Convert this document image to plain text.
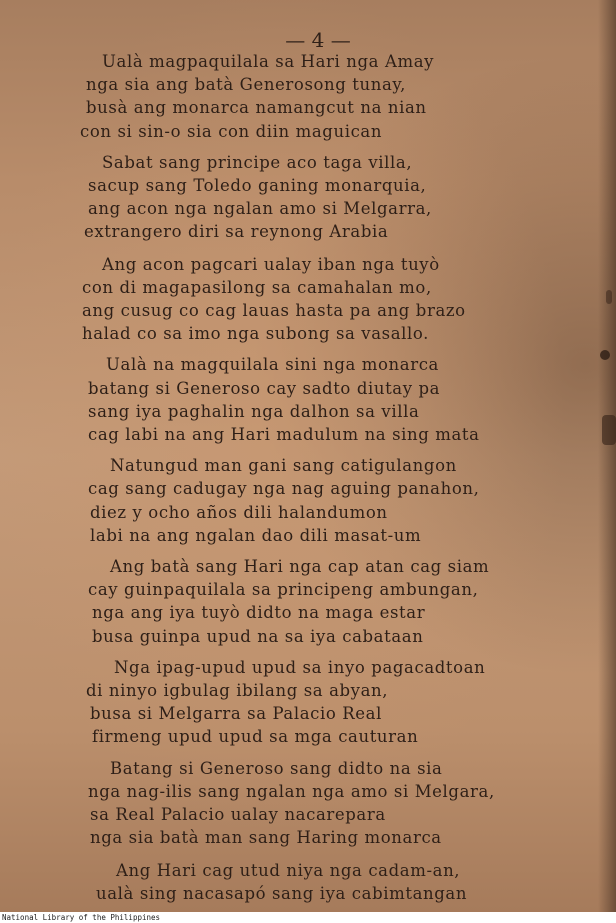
— 4 —
Ualà magpaquilala sa Hari nga Amay
nga sia ang batà Generosong tunay,
busà ang monarca namangcut na nian
con si sin-o sia con diin maguican
Sabat sang principe aco taga villa,
sacup sang Toledo ganing monarquia,
ang acon nga ngalan amo si Melgarra,
extrangero diri sa reynong Arabia
Ang acon pagcari ualay iban nga tuyò
con di magapasilong sa camahalan mo,
ang cusug co cag lauas hasta pa ang brazo
halad co sa imo nga subong sa vasallo.
Ualà na magquilala sini nga monarca
batang si Generoso cay sadto diutay pa
sang iya paghalin nga dalhon sa villa
cag labi na ang Hari madulum na sing mata
Natungud man gani sang catigulangon
cag sang cadugay nga nag aguing panahon,
diez y ocho años dili halandumon
labi na ang ngalan dao dili masat-um
Ang batà sang Hari nga cap atan cag siam
cay guinpaquilala sa principeng ambungan,
nga ang iya tuyò didto na maga estar
busa guinpa upud na sa iya cabataan
Nga ipag-upud upud sa inyo pagacadtoan
di ninyo igbulag ibilang sa abyan,
busa si Melgarra sa Palacio Real
firmeng upud upud sa mga cauturan
Batang si Generoso sang didto na sia
nga nag-ilis sang ngalan nga amo si Melgara,
sa Real Palacio ualay nacarepara
nga sia batà man sang Haring monarca
Ang Hari cag utud niya nga cadam-an,
ualà sing nacasapó sang iya cabimtangan
National Library of the Philippines
